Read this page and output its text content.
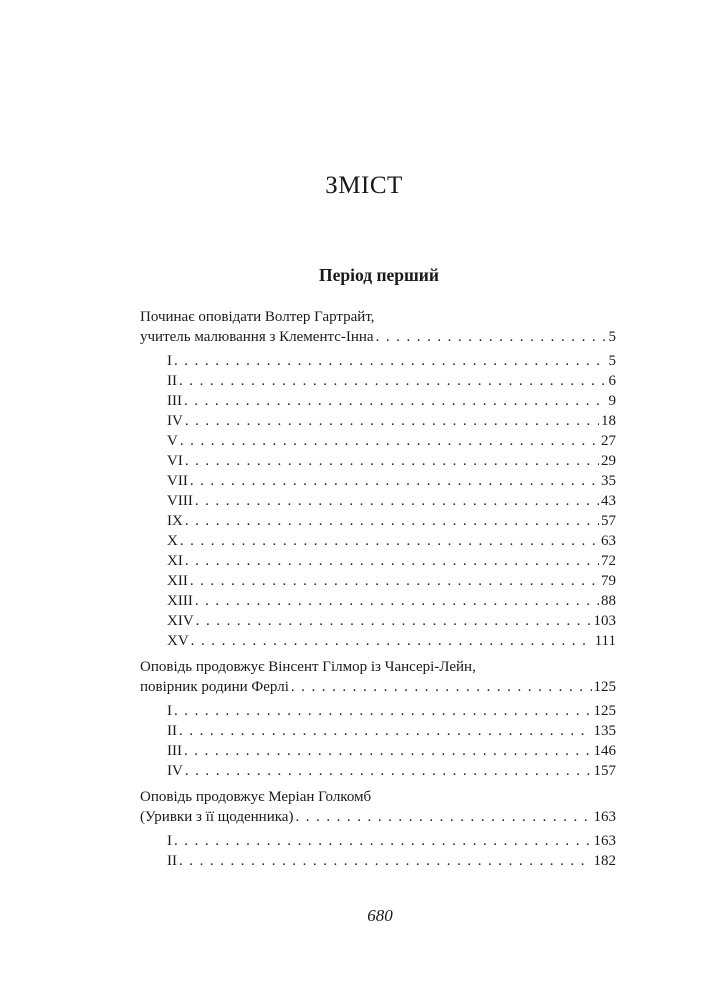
ЗМІСТ
Період перший
Починає оповідати Волтер Гартрайт,
учитель малювання з Клементс-Інна . . .	5
I . . .	5
II . . .	6
III . . .	9
IV . . .	18
V . . .	27
VI . . .	29
VII . . .	35
VIII . . .	43
IX . . .	57
X . . .	63
XI . . .	72
XII . . .	79
XIII . . .	88
XIV . . .	103
XV . . .	111
Оповідь продовжує Вінсент Гілмор із Чансері-Лейн,
повірник родини Ферлі . . .	125
I . . .	125
II . . .	135
III . . .	146
IV . . .	157
Оповідь продовжує Меріан Голкомб
(Уривки з її щоденника) . . .	163
I . . .	163
II . . .	182
680
